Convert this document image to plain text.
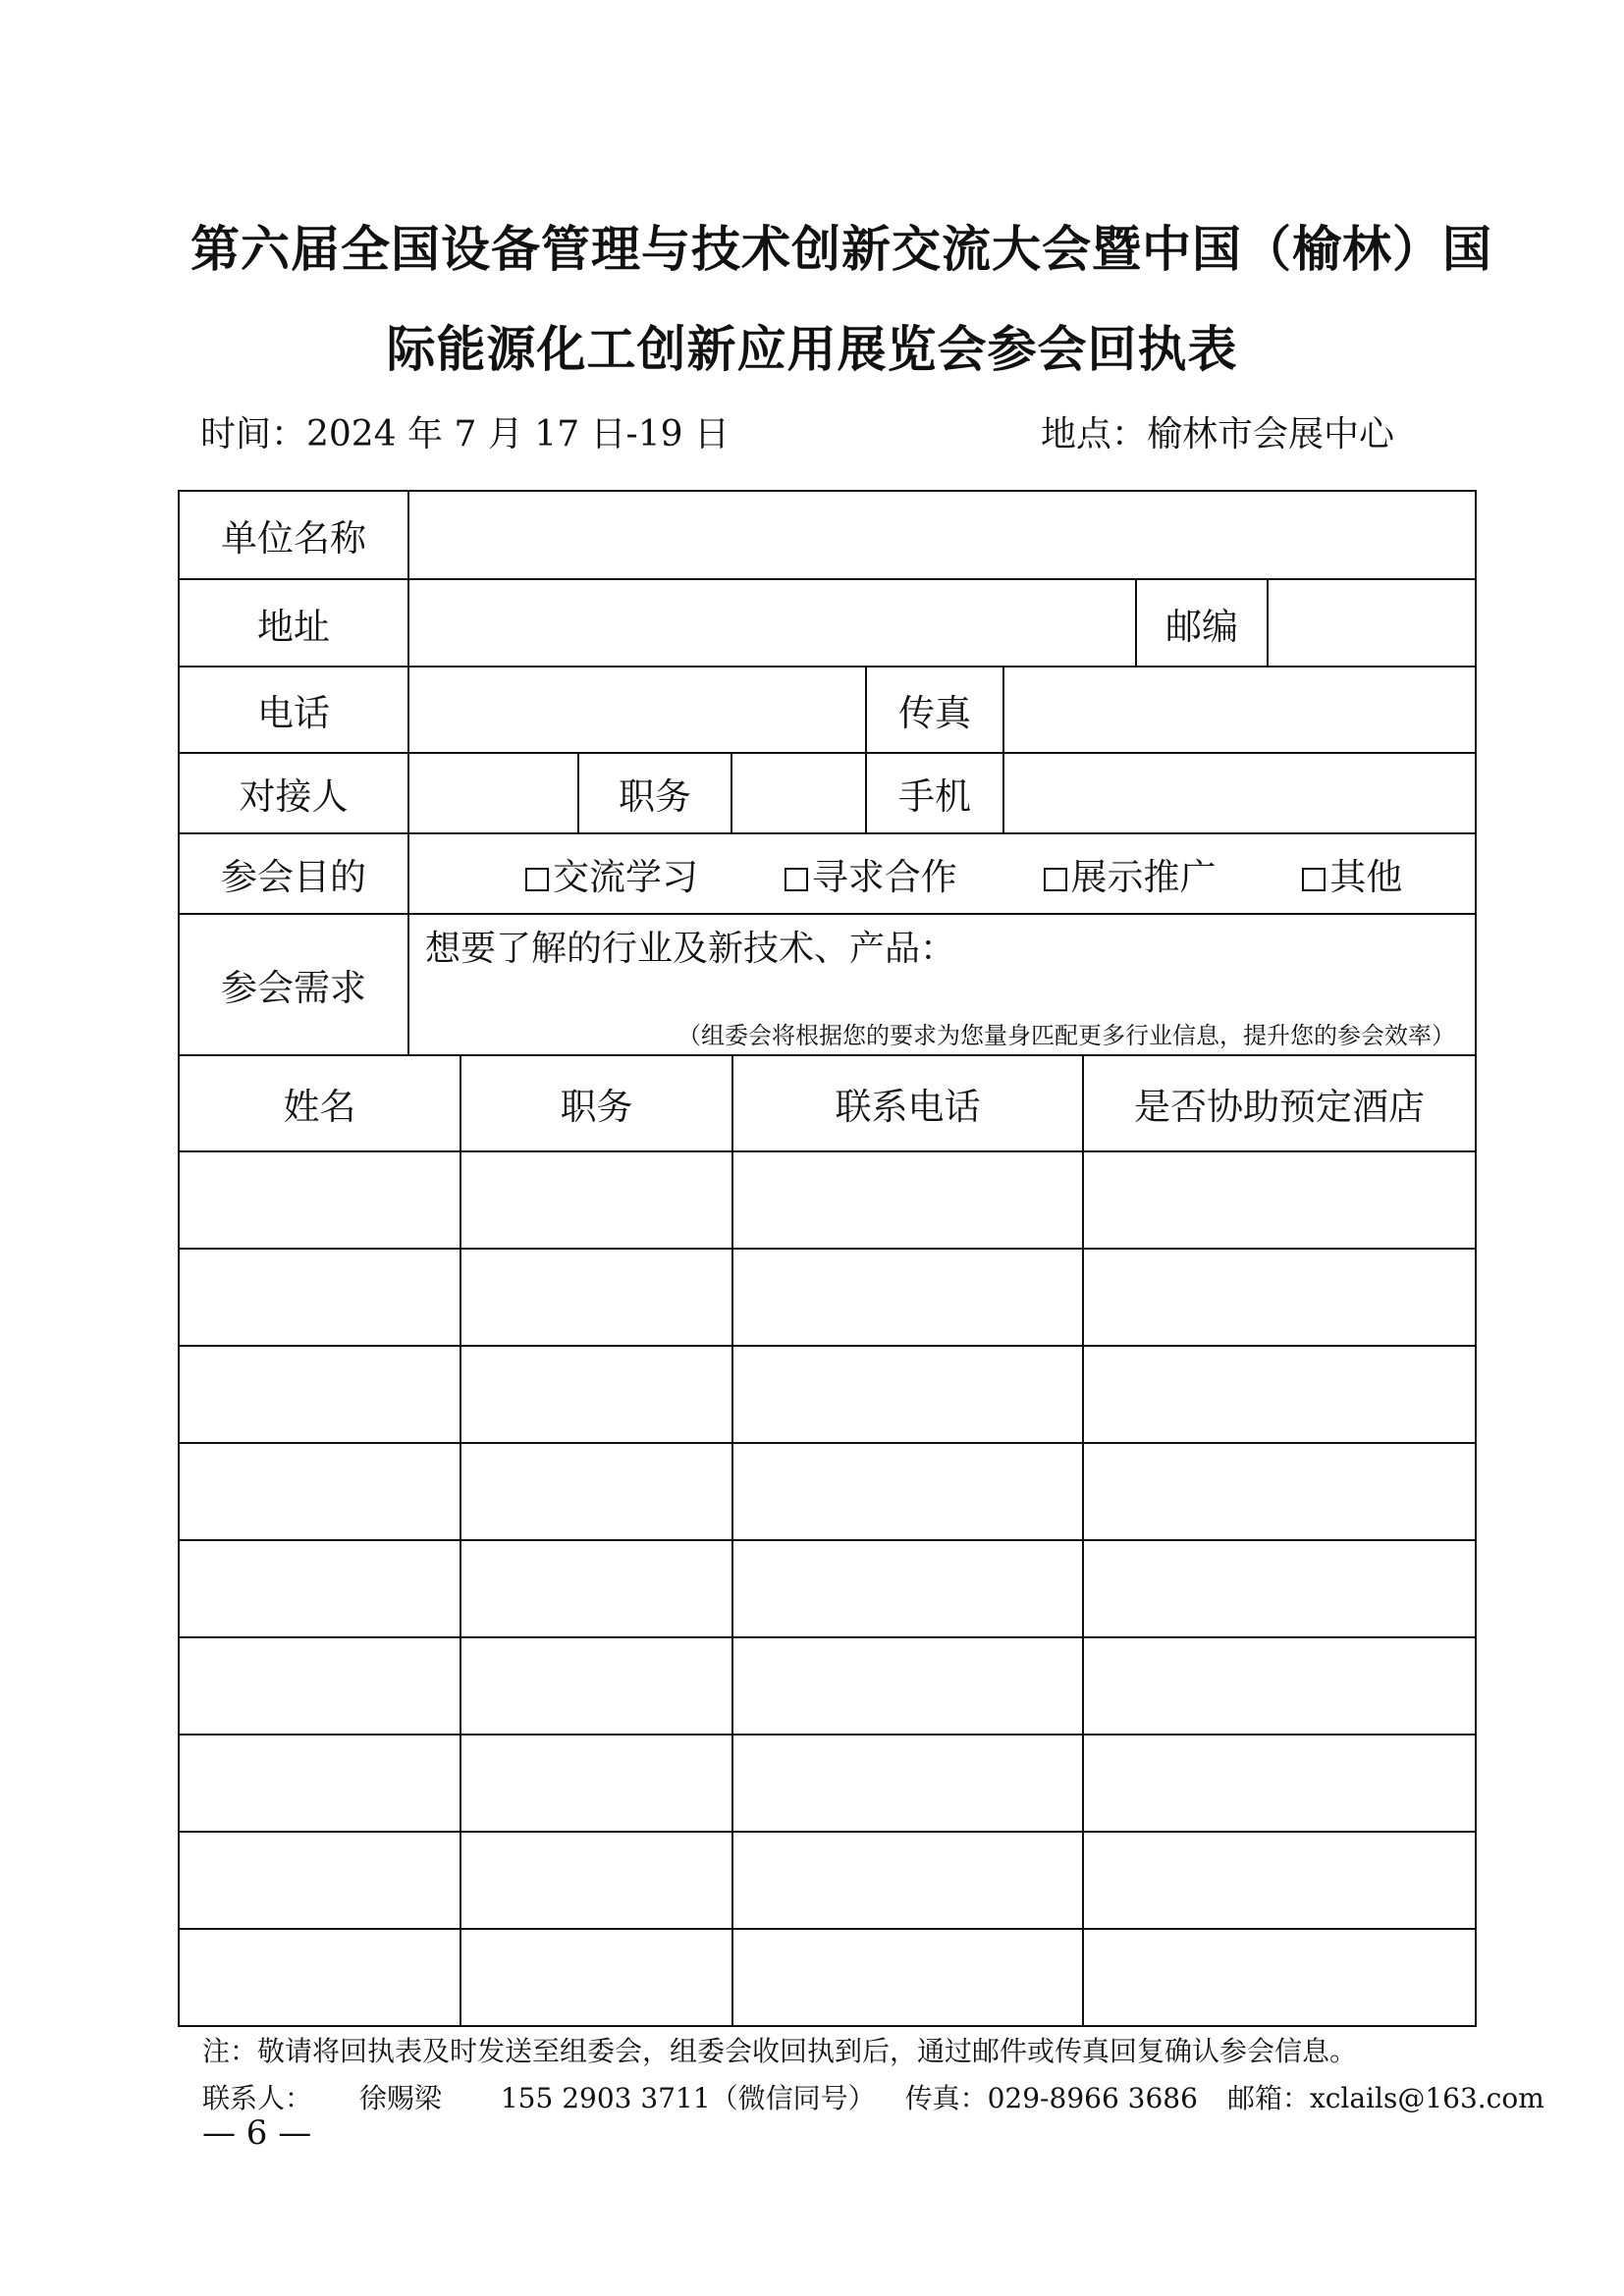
第六届全国设备管理与技术创新交流大会暨中国（榆林）国
际能源化工创新应用展览会参会回执表
时间：2024 年 7 月 17 日-19 日	地点：榆林市会展中心
单位名称							
地址						邮编	
电话				传真			
对接人		职务		手机			
参会目的	交流学习 寻求合作 展示推广 其他						
参会需求	想要了解的行业及新技术、产品：
（组委会将根据您的要求为您量身匹配更多行业信息，提升您的参会效率）						
姓名	职务	联系电话	是否协助预定酒店

注：敬请将回执表及时发送至组委会，组委会收回执到后，通过邮件或传真回复确认参会信息。
联系人： 徐赐梁 155 2903 3711（微信同号） 传真：029-8966 3686 邮箱：xclails@163.com
— 6 —
